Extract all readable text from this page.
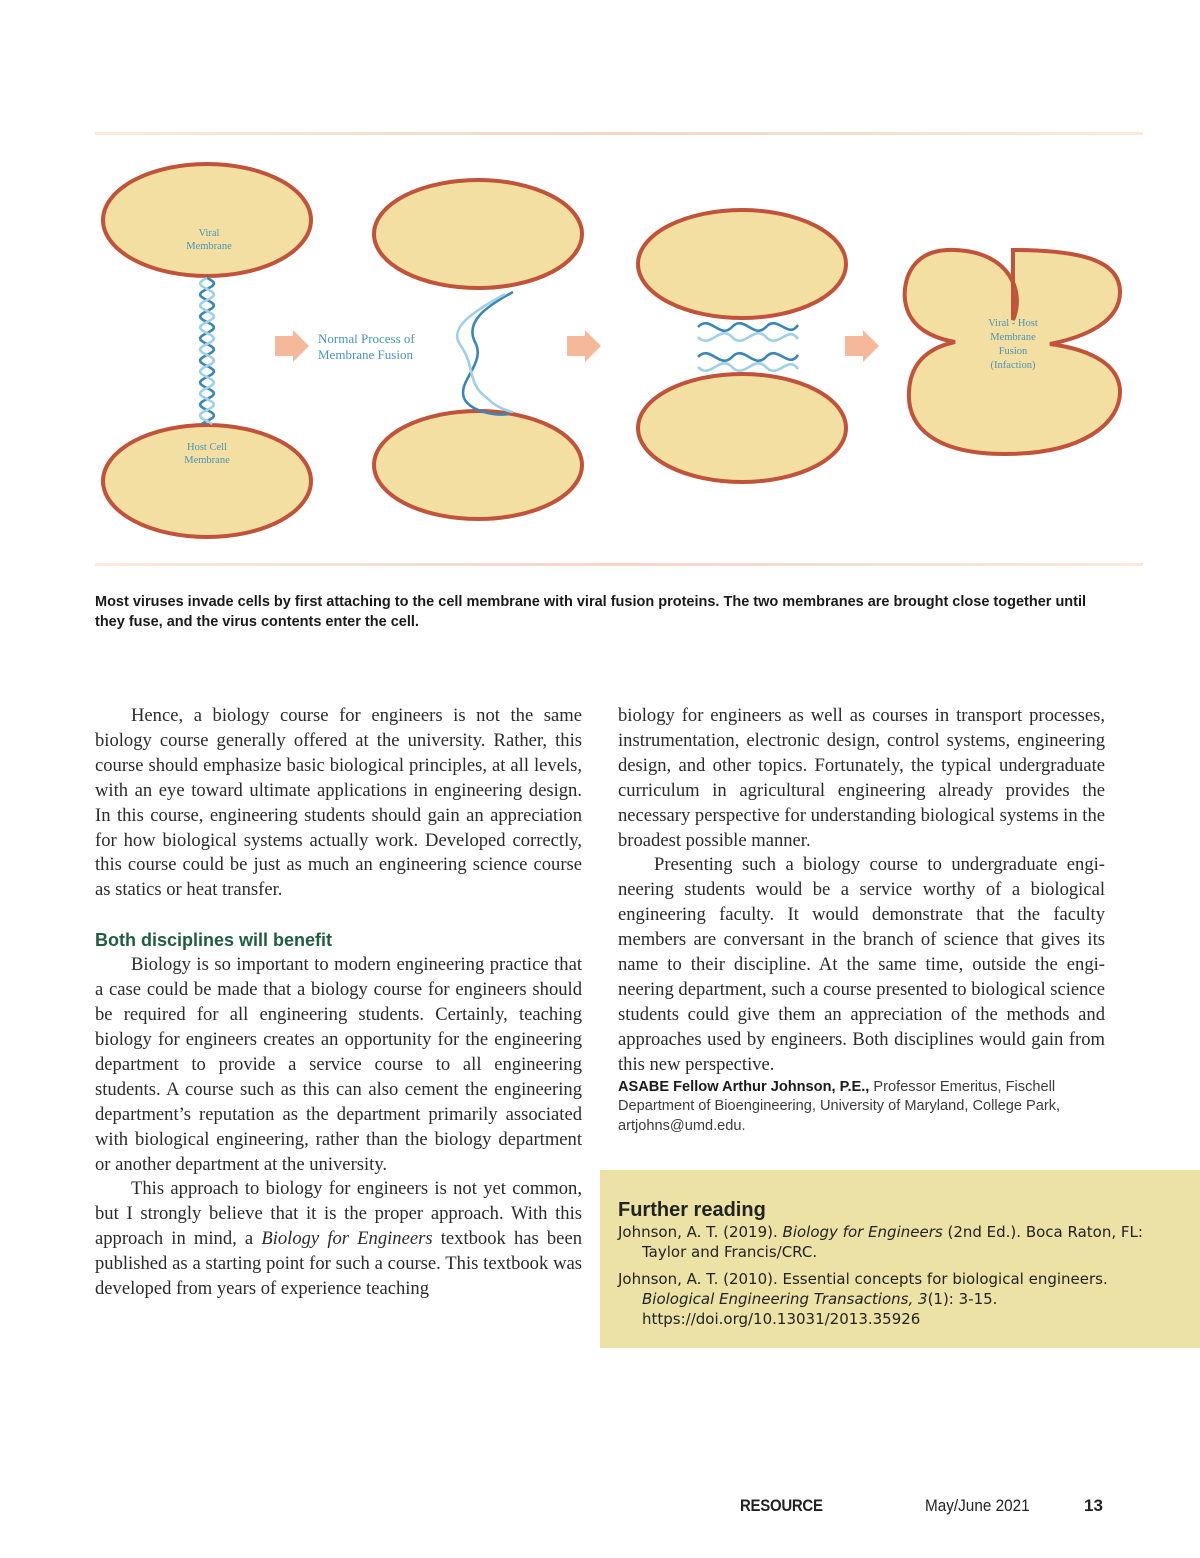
Viral
Membrane
Host Cell
Membrane
Normal Process of
Membrane Fusion
Viral - Host
Membrane
Fusion
(Infaction)
Most viruses invade cells by first attaching to the cell membrane with viral fusion proteins. The two membranes are brought close together until they fuse, and the virus contents enter the cell.

Hence, a biology course for engineers is not the same biology course generally offered at the university. Rather, this course should emphasize basic biological principles, at all levels, with an eye toward ultimate applications in engineering design. In this course, engineering students should gain an appreciation for how biological systems actually work. Developed correctly, this course could be just as much an engineering science course as statics or heat transfer.

Both disciplines will benefit

Biology is so important to modern engineering practice that a case could be made that a biology course for engineers should be required for all engineering students. Certainly, teaching biology for engineers creates an opportunity for the engineering department to provide a service course to all engineering students. A course such as this can also cement the engineering department’s reputation as the department primarily associated with biological engineering, rather than the biology department or another department at the university.

This approach to biology for engineers is not yet common, but I strongly believe that it is the proper approach. With this approach in mind, a Biology for Engineers textbook has been published as a starting point for such a course. This textbook was developed from years of experience teaching

biology for engineers as well as courses in transport processes, instrumentation, electronic design, control systems, engineering design, and other topics. Fortunately, the typical undergraduate curriculum in agricultural engineering already provides the necessary perspective for understanding biological systems in the broadest possible manner.

Presenting such a biology course to undergraduate engineering students would be a service worthy of a biological engineering faculty. It would demonstrate that the faculty members are conversant in the branch of science that gives its name to their discipline. At the same time, outside the engineering department, such a course presented to biological science students could give them an appreciation of the methods and approaches used by engineers. Both disciplines would gain from this new perspective.

ASABE Fellow Arthur Johnson, P.E., Professor Emeritus, Fischell Department of Bioengineering, University of Maryland, College Park, artjohns@umd.edu.

Further reading

Johnson, A. T. (2019). Biology for Engineers (2nd Ed.). Boca Raton, FL: Taylor and Francis/CRC.

Johnson, A. T. (2010). Essential concepts for biological engineers. Biological Engineering Transactions, 3(1): 3-15. https://doi.org/10.13031/2013.35926

RESOURCE	May/June 2021	13
